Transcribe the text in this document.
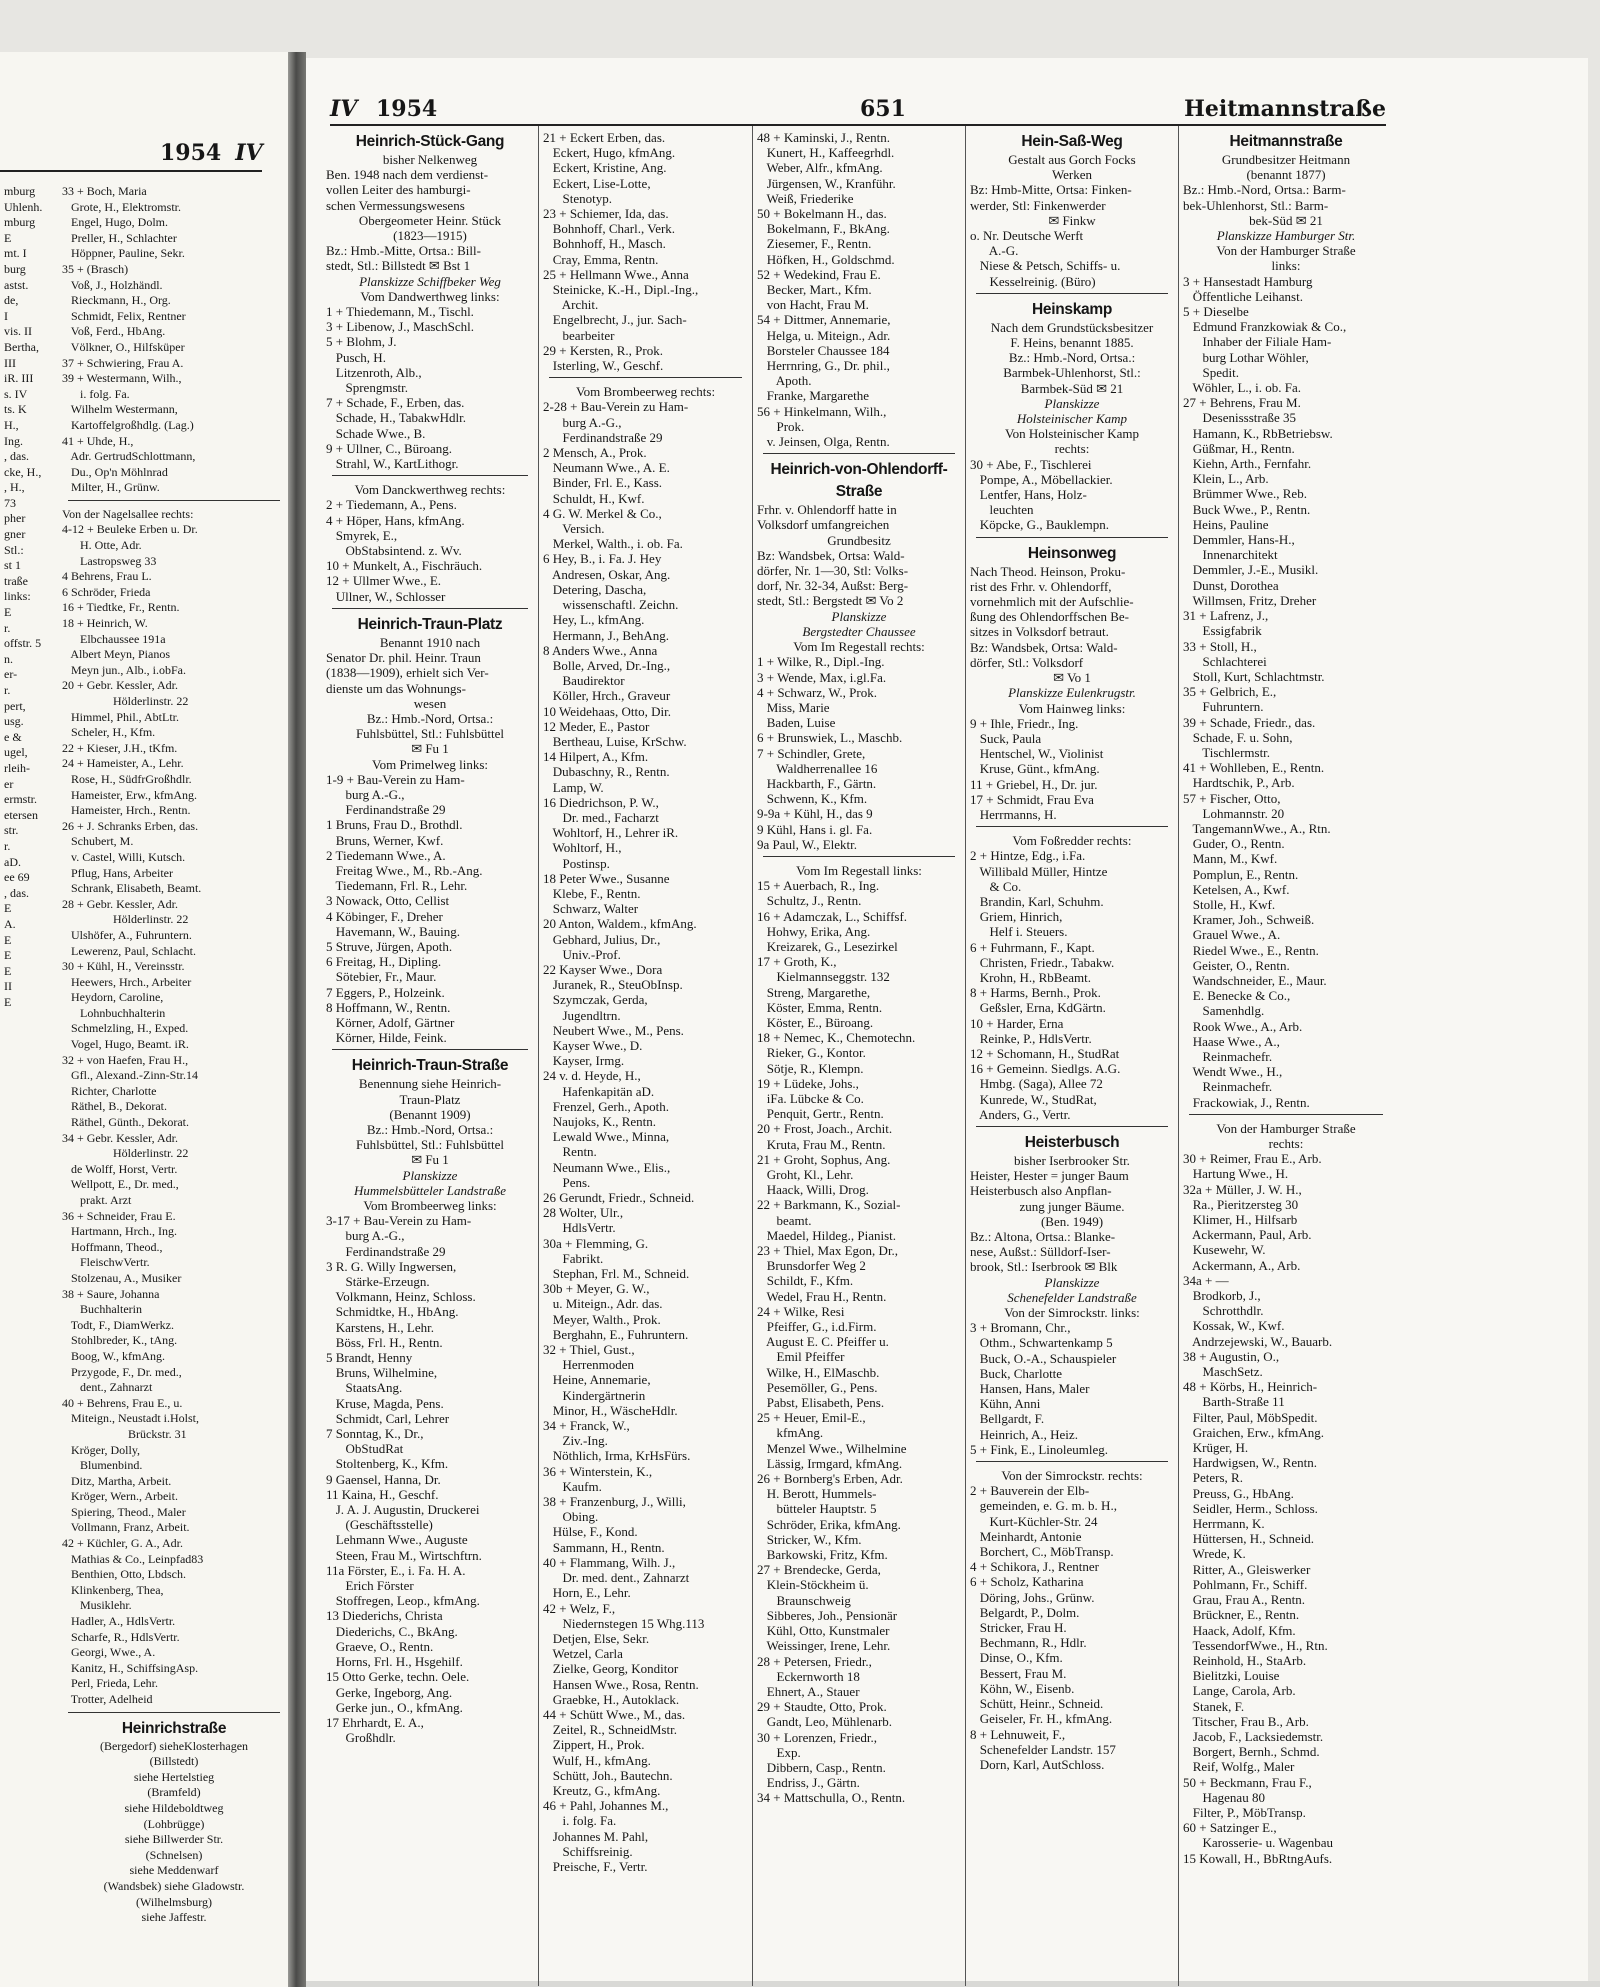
1954 IV
mburg
Uhlenh.
mburg
E
mt. I
burg
astst.
de,
I
vis. II
Bertha,
III
iR. III
s. IV
ts. K
H.,
Ing.
, das.
cke, H.,
, H.,
73
pher
gner
Stl.:
st 1
traße
links:
E
r.
offstr. 5
n.
er-
r.
pert,
usg.
e &
ugel,
rleih-
er
ermstr.
etersen
str.
r.
aD.
ee 69
, das.
E
A.
E
E
E
II
E
33 + Boch, Maria
Grote, H., Elektromstr.
Engel, Hugo, Dolm.
Preller, H., Schlachter
Höppner, Pauline, Sekr.
35 + (Brasch)
Voß, J., Holzhändl.
Rieckmann, H., Org.
Schmidt, Felix, Rentner
Voß, Ferd., HbAng.
Völkner, O., Hilfsküper
37 + Schwiering, Frau A.
39 + Westermann, Wilh.,
i. folg. Fa.
Wilhelm Westermann,
Kartoffelgroßhdlg. (Lag.)
41 + Uhde, H.,
Adr. GertrudSchlottmann,
Du., Op'n Möhlnrad
Milter, H., Grünw.
Von der Nagelsallee rechts:
4-12 + Beuleke Erben u. Dr.
H. Otte, Adr.
Lastropsweg 33
4 Behrens, Frau L.
6 Schröder, Frieda
16 + Tiedtke, Fr., Rentn.
18 + Heinrich, W.
Elbchaussee 191a
Albert Meyn, Pianos
Meyn jun., Alb., i.obFa.
20 + Gebr. Kessler, Adr.
Hölderlinstr. 22
Himmel, Phil., AbtLtr.
Scheler, H., Kfm.
22 + Kieser, J.H., tKfm.
24 + Hameister, A., Lehr.
Rose, H., SüdfrGroßhdlr.
Hameister, Erw., kfmAng.
Hameister, Hrch., Rentn.
26 + J. Schranks Erben, das.
Schubert, M.
v. Castel, Willi, Kutsch.
Pflug, Hans, Arbeiter
Schrank, Elisabeth, Beamt.
28 + Gebr. Kessler, Adr.
Hölderlinstr. 22
Ulshöfer, A., Fuhruntern.
Lewerenz, Paul, Schlacht.
30 + Kühl, H., Vereinsstr.
Heewers, Hrch., Arbeiter
Heydorn, Caroline,
Lohnbuchhalterin
Schmelzling, H., Exped.
Vogel, Hugo, Beamt. iR.
32 + von Haefen, Frau H.,
Gfl., Alexand.-Zinn-Str.14
Richter, Charlotte
Räthel, B., Dekorat.
Räthel, Günth., Dekorat.
34 + Gebr. Kessler, Adr.
Hölderlinstr. 22
de Wolff, Horst, Vertr.
Wellpott, E., Dr. med.,
prakt. Arzt
36 + Schneider, Frau E.
Hartmann, Hrch., Ing.
Hoffmann, Theod.,
FleischwVertr.
Stolzenau, A., Musiker
38 + Saure, Johanna
Buchhalterin
Todt, F., DiamWerkz.
Stohlbreder, K., tAng.
Boog, W., kfmAng.
Przygode, F., Dr. med.,
dent., Zahnarzt
40 + Behrens, Frau E., u.
Miteign., Neustadt i.Holst,
Brückstr. 31
Kröger, Dolly,
Blumenbind.
Ditz, Martha, Arbeit.
Kröger, Wern., Arbeit.
Spiering, Theod., Maler
Vollmann, Franz, Arbeit.
42 + Küchler, G. A., Adr.
Mathias & Co., Leinpfad83
Benthien, Otto, Lbdsch.
Klinkenberg, Thea,
Musiklehr.
Hadler, A., HdlsVertr.
Scharfe, R., HdlsVertr.
Georgi, Wwe., A.
Kanitz, H., SchiffsingAsp.
Perl, Frieda, Lehr.
Trotter, Adelheid
Heinrichstraße
(Bergedorf) sieheKlosterhagen
(Billstedt)
siehe Hertelstieg
(Bramfeld)
siehe Hildeboldtweg
(Lohbrügge)
siehe Billwerder Str.
(Schnelsen)
siehe Meddenwarf
(Wandsbek) siehe Gladowstr.
(Wilhelmsburg)
siehe Jaffestr.
IV 1954	651	Heitmannstraße
Heinrich-Stück-Gang
bisher Nelkenweg
Ben. 1948 nach dem verdienst-
vollen Leiter des hamburgi-
schen Vermessungswesens
Obergeometer Heinr. Stück
(1823—1915)
Bz.: Hmb.-Mitte, Ortsa.: Bill-
stedt, Stl.: Billstedt ✉ Bst 1
Planskizze Schiffbeker Weg
Vom Dandwerthweg links:
1 + Thiedemann, M., Tischl.
3 + Libenow, J., MaschSchl.
5 + Blohm, J.
Pusch, H.
Litzenroth, Alb.,
Sprengmstr.
7 + Schade, F., Erben, das.
Schade, H., TabakwHdlr.
Schade Wwe., B.
9 + Ullner, C., Büroang.
Strahl, W., KartLithogr.
Vom Danckwerthweg rechts:
2 + Tiedemann, A., Pens.
4 + Höper, Hans, kfmAng.
Smyrek, E.,
ObStabsintend. z. Wv.
10 + Munkelt, A., Fischräuch.
12 + Ullmer Wwe., E.
Ullner, W., Schlosser
Heinrich-Traun-Platz
Benannt 1910 nach
Senator Dr. phil. Heinr. Traun
(1838—1909), erhielt sich Ver-
dienste um das Wohnungs-
wesen
Bz.: Hmb.-Nord, Ortsa.:
Fuhlsbüttel, Stl.: Fuhlsbüttel
✉ Fu 1
Vom Primelweg links:
1-9 + Bau-Verein zu Ham-
burg A.-G.,
Ferdinandstraße 29
1 Bruns, Frau D., Brothdl.
Bruns, Werner, Kwf.
2 Tiedemann Wwe., A.
Freitag Wwe., M., Rb.-Ang.
Tiedemann, Frl. R., Lehr.
3 Nowack, Otto, Cellist
4 Köbinger, F., Dreher
Havemann, W., Bauing.
5 Struve, Jürgen, Apoth.
6 Freitag, H., Dipling.
Sötebier, Fr., Maur.
7 Eggers, P., Holzeink.
8 Hoffmann, W., Rentn.
Körner, Adolf, Gärtner
Körner, Hilde, Feink.
Heinrich-Traun-Straße
Benennung siehe Heinrich-
Traun-Platz
(Benannt 1909)
Bz.: Hmb.-Nord, Ortsa.:
Fuhlsbüttel, Stl.: Fuhlsbüttel
✉ Fu 1
Planskizze
Hummelsbütteler Landstraße
Vom Brombeerweg links:
3-17 + Bau-Verein zu Ham-
burg A.-G.,
Ferdinandstraße 29
3 R. G. Willy Ingwersen,
Stärke-Erzeugn.
Volkmann, Heinz, Schloss.
Schmidtke, H., HbAng.
Karstens, H., Lehr.
Böss, Frl. H., Rentn.
5 Brandt, Henny
Bruns, Wilhelmine,
StaatsAng.
Kruse, Magda, Pens.
Schmidt, Carl, Lehrer
7 Sonntag, K., Dr.,
ObStudRat
Stoltenberg, K., Kfm.
9 Gaensel, Hanna, Dr.
11 Kaina, H., Geschf.
J. A. J. Augustin, Druckerei
(Geschäftsstelle)
Lehmann Wwe., Auguste
Steen, Frau M., Wirtschftrn.
11a Förster, E., i. Fa. H. A.
Erich Förster
Stoffregen, Leop., kfmAng.
13 Diederichs, Christa
Diederichs, C., BkAng.
Graeve, O., Rentn.
Horns, Frl. H., Hsgehilf.
15 Otto Gerke, techn. Oele.
Gerke, Ingeborg, Ang.
Gerke jun., O., kfmAng.
17 Ehrhardt, E. A.,
Großhdlr.
21 + Eckert Erben, das.
Eckert, Hugo, kfmAng.
Eckert, Kristine, Ang.
Eckert, Lise-Lotte,
Stenotyp.
23 + Schiemer, Ida, das.
Bohnhoff, Charl., Verk.
Bohnhoff, H., Masch.
Cray, Emma, Rentn.
25 + Hellmann Wwe., Anna
Steinicke, K.-H., Dipl.-Ing.,
Archit.
Engelbrecht, J., jur. Sach-
bearbeiter
29 + Kersten, R., Prok.
Isterling, W., Geschf.
Vom Brombeerweg rechts:
2-28 + Bau-Verein zu Ham-
burg A.-G.,
Ferdinandstraße 29
2 Mensch, A., Prok.
Neumann Wwe., A. E.
Binder, Frl. E., Kass.
Schuldt, H., Kwf.
4 G. W. Merkel & Co.,
Versich.
Merkel, Walth., i. ob. Fa.
6 Hey, B., i. Fa. J. Hey
Andresen, Oskar, Ang.
Detering, Dascha,
wissenschaftl. Zeichn.
Hey, L., kfmAng.
Hermann, J., BehAng.
8 Anders Wwe., Anna
Bolle, Arved, Dr.-Ing.,
Baudirektor
Köller, Hrch., Graveur
10 Weidehaas, Otto, Dir.
12 Meder, E., Pastor
Bertheau, Luise, KrSchw.
14 Hilpert, A., Kfm.
Dubaschny, R., Rentn.
Lamp, W.
16 Diedrichson, P. W.,
Dr. med., Facharzt
Wohltorf, H., Lehrer iR.
Wohltorf, H.,
Postinsp.
18 Peter Wwe., Susanne
Klebe, F., Rentn.
Schwarz, Walter
20 Anton, Waldem., kfmAng.
Gebhard, Julius, Dr.,
Univ.-Prof.
22 Kayser Wwe., Dora
Juranek, R., SteuObInsp.
Szymczak, Gerda,
Jugendltrn.
Neubert Wwe., M., Pens.
Kayser Wwe., D.
Kayser, Irmg.
24 v. d. Heyde, H.,
Hafenkapitän aD.
Frenzel, Gerh., Apoth.
Naujoks, K., Rentn.
Lewald Wwe., Minna,
Rentn.
Neumann Wwe., Elis.,
Pens.
26 Gerundt, Friedr., Schneid.
28 Wolter, Ulr.,
HdlsVertr.
30a + Flemming, G.
Fabrikt.
Stephan, Frl. M., Schneid.
30b + Meyer, G. W.,
u. Miteign., Adr. das.
Meyer, Walth., Prok.
Berghahn, E., Fuhruntern.
32 + Thiel, Gust.,
Herrenmoden
Heine, Annemarie,
Kindergärtnerin
Minor, H., WäscheHdlr.
34 + Franck, W.,
Ziv.-Ing.
Nöthlich, Irma, KrHsFürs.
36 + Winterstein, K.,
Kaufm.
38 + Franzenburg, J., Willi,
Obing.
Hülse, F., Kond.
Sammann, H., Rentn.
40 + Flammang, Wilh. J.,
Dr. med. dent., Zahnarzt
Horn, E., Lehr.
42 + Welz, F.,
Niedernstegen 15 Whg.113
Detjen, Else, Sekr.
Wetzel, Carla
Zielke, Georg, Konditor
Hansen Wwe., Rosa, Rentn.
Graebke, H., Autoklack.
44 + Schütt Wwe., M., das.
Zeitel, R., SchneidMstr.
Zippert, H., Prok.
Wulf, H., kfmAng.
Schütt, Joh., Bautechn.
Kreutz, G., kfmAng.
46 + Pahl, Johannes M.,
i. folg. Fa.
Johannes M. Pahl,
Schiffsreinig.
Preische, F., Vertr.
48 + Kaminski, J., Rentn.
Kunert, H., Kaffeegrhdl.
Weber, Alfr., kfmAng.
Jürgensen, W., Kranführ.
Weiß, Friederike
50 + Bokelmann H., das.
Bokelmann, F., BkAng.
Ziesemer, F., Rentn.
Höfken, H., Goldschmd.
52 + Wedekind, Frau E.
Becker, Mart., Kfm.
von Hacht, Frau M.
54 + Dittmer, Annemarie,
Helga, u. Miteign., Adr.
Borsteler Chaussee 184
Herrnring, G., Dr. phil.,
Apoth.
Franke, Margarethe
56 + Hinkelmann, Wilh.,
Prok.
v. Jeinsen, Olga, Rentn.
Heinrich-von-Ohlendorff-
Straße
Frhr. v. Ohlendorff hatte in
Volksdorf umfangreichen
Grundbesitz
Bz: Wandsbek, Ortsa: Wald-
dörfer, Nr. 1—30, Stl: Volks-
dorf, Nr. 32-34, Außst: Berg-
stedt, Stl.: Bergstedt ✉ Vo 2
Planskizze
Bergstedter Chaussee
Vom Im Regestall rechts:
1 + Wilke, R., Dipl.-Ing.
3 + Wende, Max, i.gl.Fa.
4 + Schwarz, W., Prok.
Miss, Marie
Baden, Luise
6 + Brunswiek, L., Maschb.
7 + Schindler, Grete,
Waldherrenallee 16
Hackbarth, F., Gärtn.
Schwenn, K., Kfm.
9-9a + Kühl, H., das 9
9 Kühl, Hans i. gl. Fa.
9a Paul, W., Elektr.
Vom Im Regestall links:
15 + Auerbach, R., Ing.
Schultz, J., Rentn.
16 + Adamczak, L., Schiffsf.
Hohwy, Erika, Ang.
Kreizarek, G., Lesezirkel
17 + Groth, K.,
Kielmannseggstr. 132
Streng, Margarethe,
Köster, Emma, Rentn.
Köster, E., Büroang.
18 + Nemec, K., Chemotechn.
Rieker, G., Kontor.
Sötje, R., Klempn.
19 + Lüdeke, Johs.,
iFa. Lübcke & Co.
Penquit, Gertr., Rentn.
20 + Frost, Joach., Archit.
Kruta, Frau M., Rentn.
21 + Groht, Sophus, Ang.
Groht, Kl., Lehr.
Haack, Willi, Drog.
22 + Barkmann, K., Sozial-
beamt.
Maedel, Hildeg., Pianist.
23 + Thiel, Max Egon, Dr.,
Brunsdorfer Weg 2
Schildt, F., Kfm.
Wedel, Frau H., Rentn.
24 + Wilke, Resi
Pfeiffer, G., i.d.Firm.
August E. C. Pfeiffer u.
Emil Pfeiffer
Wilke, H., ElMaschb.
Pesemöller, G., Pens.
Pabst, Elisabeth, Pens.
25 + Heuer, Emil-E.,
kfmAng.
Menzel Wwe., Wilhelmine
Lässig, Irmgard, kfmAng.
26 + Bornberg's Erben, Adr.
H. Berott, Hummels-
bütteler Hauptstr. 5
Schröder, Erika, kfmAng.
Stricker, W., Kfm.
Barkowski, Fritz, Kfm.
27 + Brendecke, Gerda,
Klein-Stöckheim ü.
Braunschweig
Sibberes, Joh., Pensionär
Kühl, Otto, Kunstmaler
Weissinger, Irene, Lehr.
28 + Petersen, Friedr.,
Eckernworth 18
Ehnert, A., Stauer
29 + Staudte, Otto, Prok.
Gandt, Leo, Mühlenarb.
30 + Lorenzen, Friedr.,
Exp.
Dibbern, Casp., Rentn.
Endriss, J., Gärtn.
34 + Mattschulla, O., Rentn.
Hein-Saß-Weg
Gestalt aus Gorch Focks
Werken
Bz: Hmb-Mitte, Ortsa: Finken-
werder, Stl: Finkenwerder
✉ Finkw
o. Nr. Deutsche Werft
A.-G.
Niese & Petsch, Schiffs- u.
Kesselreinig. (Büro)
Heinskamp
Nach dem Grundstücksbesitzer
F. Heins, benannt 1885.
Bz.: Hmb.-Nord, Ortsa.:
Barmbek-Uhlenhorst, Stl.:
Barmbek-Süd ✉ 21
Planskizze
Holsteinischer Kamp
Von Holsteinischer Kamp
rechts:
30 + Abe, F., Tischlerei
Pompe, A., Möbellackier.
Lentfer, Hans, Holz-
leuchten
Köpcke, G., Bauklempn.
Heinsonweg
Nach Theod. Heinson, Proku-
rist des Frhr. v. Ohlendorff,
vornehmlich mit der Aufschlie-
ßung des Ohlendorffschen Be-
sitzes in Volksdorf betraut.
Bz: Wandsbek, Ortsa: Wald-
dörfer, Stl.: Volksdorf
✉ Vo 1
Planskizze Eulenkrugstr.
Vom Hainweg links:
9 + Ihle, Friedr., Ing.
Suck, Paula
Hentschel, W., Violinist
Kruse, Günt., kfmAng.
11 + Griebel, H., Dr. jur.
17 + Schmidt, Frau Eva
Herrmanns, H.
Vom Foßredder rechts:
2 + Hintze, Edg., i.Fa.
Willibald Müller, Hintze
& Co.
Brandin, Karl, Schuhm.
Griem, Hinrich,
Helf i. Steuers.
6 + Fuhrmann, F., Kapt.
Christen, Friedr., Tabakw.
Krohn, H., RbBeamt.
8 + Harms, Bernh., Prok.
Geßsler, Erna, KdGärtn.
10 + Harder, Erna
Reinke, P., HdlsVertr.
12 + Schomann, H., StudRat
16 + Gemeinn. Siedlgs. A.G.
Hmbg. (Saga), Allee 72
Kunrede, W., StudRat,
Anders, G., Vertr.
Heisterbusch
bisher Iserbrooker Str.
Heister, Hester = junger Baum
Heisterbusch also Anpflan-
zung junger Bäume.
(Ben. 1949)
Bz.: Altona, Ortsa.: Blanke-
nese, Außst.: Sülldorf-Iser-
brook, Stl.: Iserbrook ✉ Blk
Planskizze
Schenefelder Landstraße
Von der Simrockstr. links:
3 + Bromann, Chr.,
Othm., Schwartenkamp 5
Buck, O.-A., Schauspieler
Buck, Charlotte
Hansen, Hans, Maler
Kühn, Anni
Bellgardt, F.
Heinrich, A., Heiz.
5 + Fink, E., Linoleumleg.
Von der Simrockstr. rechts:
2 + Bauverein der Elb-
gemeinden, e. G. m. b. H.,
Kurt-Küchler-Str. 24
Meinhardt, Antonie
Borchert, C., MöbTransp.
4 + Schikora, J., Rentner
6 + Scholz, Katharina
Döring, Johs., Grünw.
Belgardt, P., Dolm.
Stricker, Frau H.
Bechmann, R., Hdlr.
Dinse, O., Kfm.
Bessert, Frau M.
Köhn, W., Eisenb.
Schütt, Heinr., Schneid.
Geiseler, Fr. H., kfmAng.
8 + Lehnuweit, F.,
Schenefelder Landstr. 157
Dorn, Karl, AutSchloss.
Heitmannstraße
Grundbesitzer Heitmann
(benannt 1877)
Bz.: Hmb.-Nord, Ortsa.: Barm-
bek-Uhlenhorst, Stl.: Barm-
bek-Süd ✉ 21
Planskizze Hamburger Str.
Von der Hamburger Straße
links:
3 + Hansestadt Hamburg
Öffentliche Leihanst.
5 + Dieselbe
Edmund Franzkowiak & Co.,
Inhaber der Filiale Ham-
burg Lothar Wöhler,
Spedit.
Wöhler, L., i. ob. Fa.
27 + Behrens, Frau M.
Desenissstraße 35
Hamann, K., RbBetriebsw.
Güßmar, H., Rentn.
Kiehn, Arth., Fernfahr.
Klein, L., Arb.
Brümmer Wwe., Reb.
Buck Wwe., P., Rentn.
Heins, Pauline
Demmler, Hans-H.,
Innenarchitekt
Demmler, J.-E., Musikl.
Dunst, Dorothea
Willmsen, Fritz, Dreher
31 + Lafrenz, J.,
Essigfabrik
33 + Stoll, H.,
Schlachterei
Stoll, Kurt, Schlachtmstr.
35 + Gelbrich, E.,
Fuhruntern.
39 + Schade, Friedr., das.
Schade, F. u. Sohn,
Tischlermstr.
41 + Wohlleben, E., Rentn.
Hardtschik, P., Arb.
57 + Fischer, Otto,
Lohmannstr. 20
TangemannWwe., A., Rtn.
Guder, O., Rentn.
Mann, M., Kwf.
Pomplun, E., Rentn.
Ketelsen, A., Kwf.
Stolle, H., Kwf.
Kramer, Joh., Schweiß.
Grauel Wwe., A.
Riedel Wwe., E., Rentn.
Geister, O., Rentn.
Wandschneider, E., Maur.
E. Benecke & Co.,
Samenhdlg.
Rook Wwe., A., Arb.
Haase Wwe., A.,
Reinmachefr.
Wendt Wwe., H.,
Reinmachefr.
Frackowiak, J., Rentn.
Von der Hamburger Straße
rechts:
30 + Reimer, Frau E., Arb.
Hartung Wwe., H.
32a + Müller, J. W. H.,
Ra., Pieritzersteg 30
Klimer, H., Hilfsarb
Ackermann, Paul, Arb.
Kusewehr, W.
Ackermann, A., Arb.
34a + —
Brodkorb, J.,
Schrotthdlr.
Kossak, W., Kwf.
Andrzejewski, W., Bauarb.
38 + Augustin, O.,
MaschSetz.
48 + Körbs, H., Heinrich-
Barth-Straße 11
Filter, Paul, MöbSpedit.
Graichen, Erw., kfmAng.
Krüger, H.
Hardwigsen, W., Rentn.
Peters, R.
Preuss, G., HbAng.
Seidler, Herm., Schloss.
Herrmann, K.
Hüttersen, H., Schneid.
Wrede, K.
Ritter, A., Gleiswerker
Pohlmann, Fr., Schiff.
Grau, Frau A., Rentn.
Brückner, E., Rentn.
Haack, Adolf, Kfm.
TessendorfWwe., H., Rtn.
Reinhold, H., StaArb.
Bielitzki, Louise
Lange, Carola, Arb.
Stanek, F.
Titscher, Frau B., Arb.
Jacob, F., Lacksiedemstr.
Borgert, Bernh., Schmd.
Reif, Wolfg., Maler
50 + Beckmann, Frau F.,
Hagenau 80
Filter, P., MöbTransp.
60 + Satzinger E.,
Karosserie- u. Wagenbau
15 Kowall, H., BbRtngAufs.
